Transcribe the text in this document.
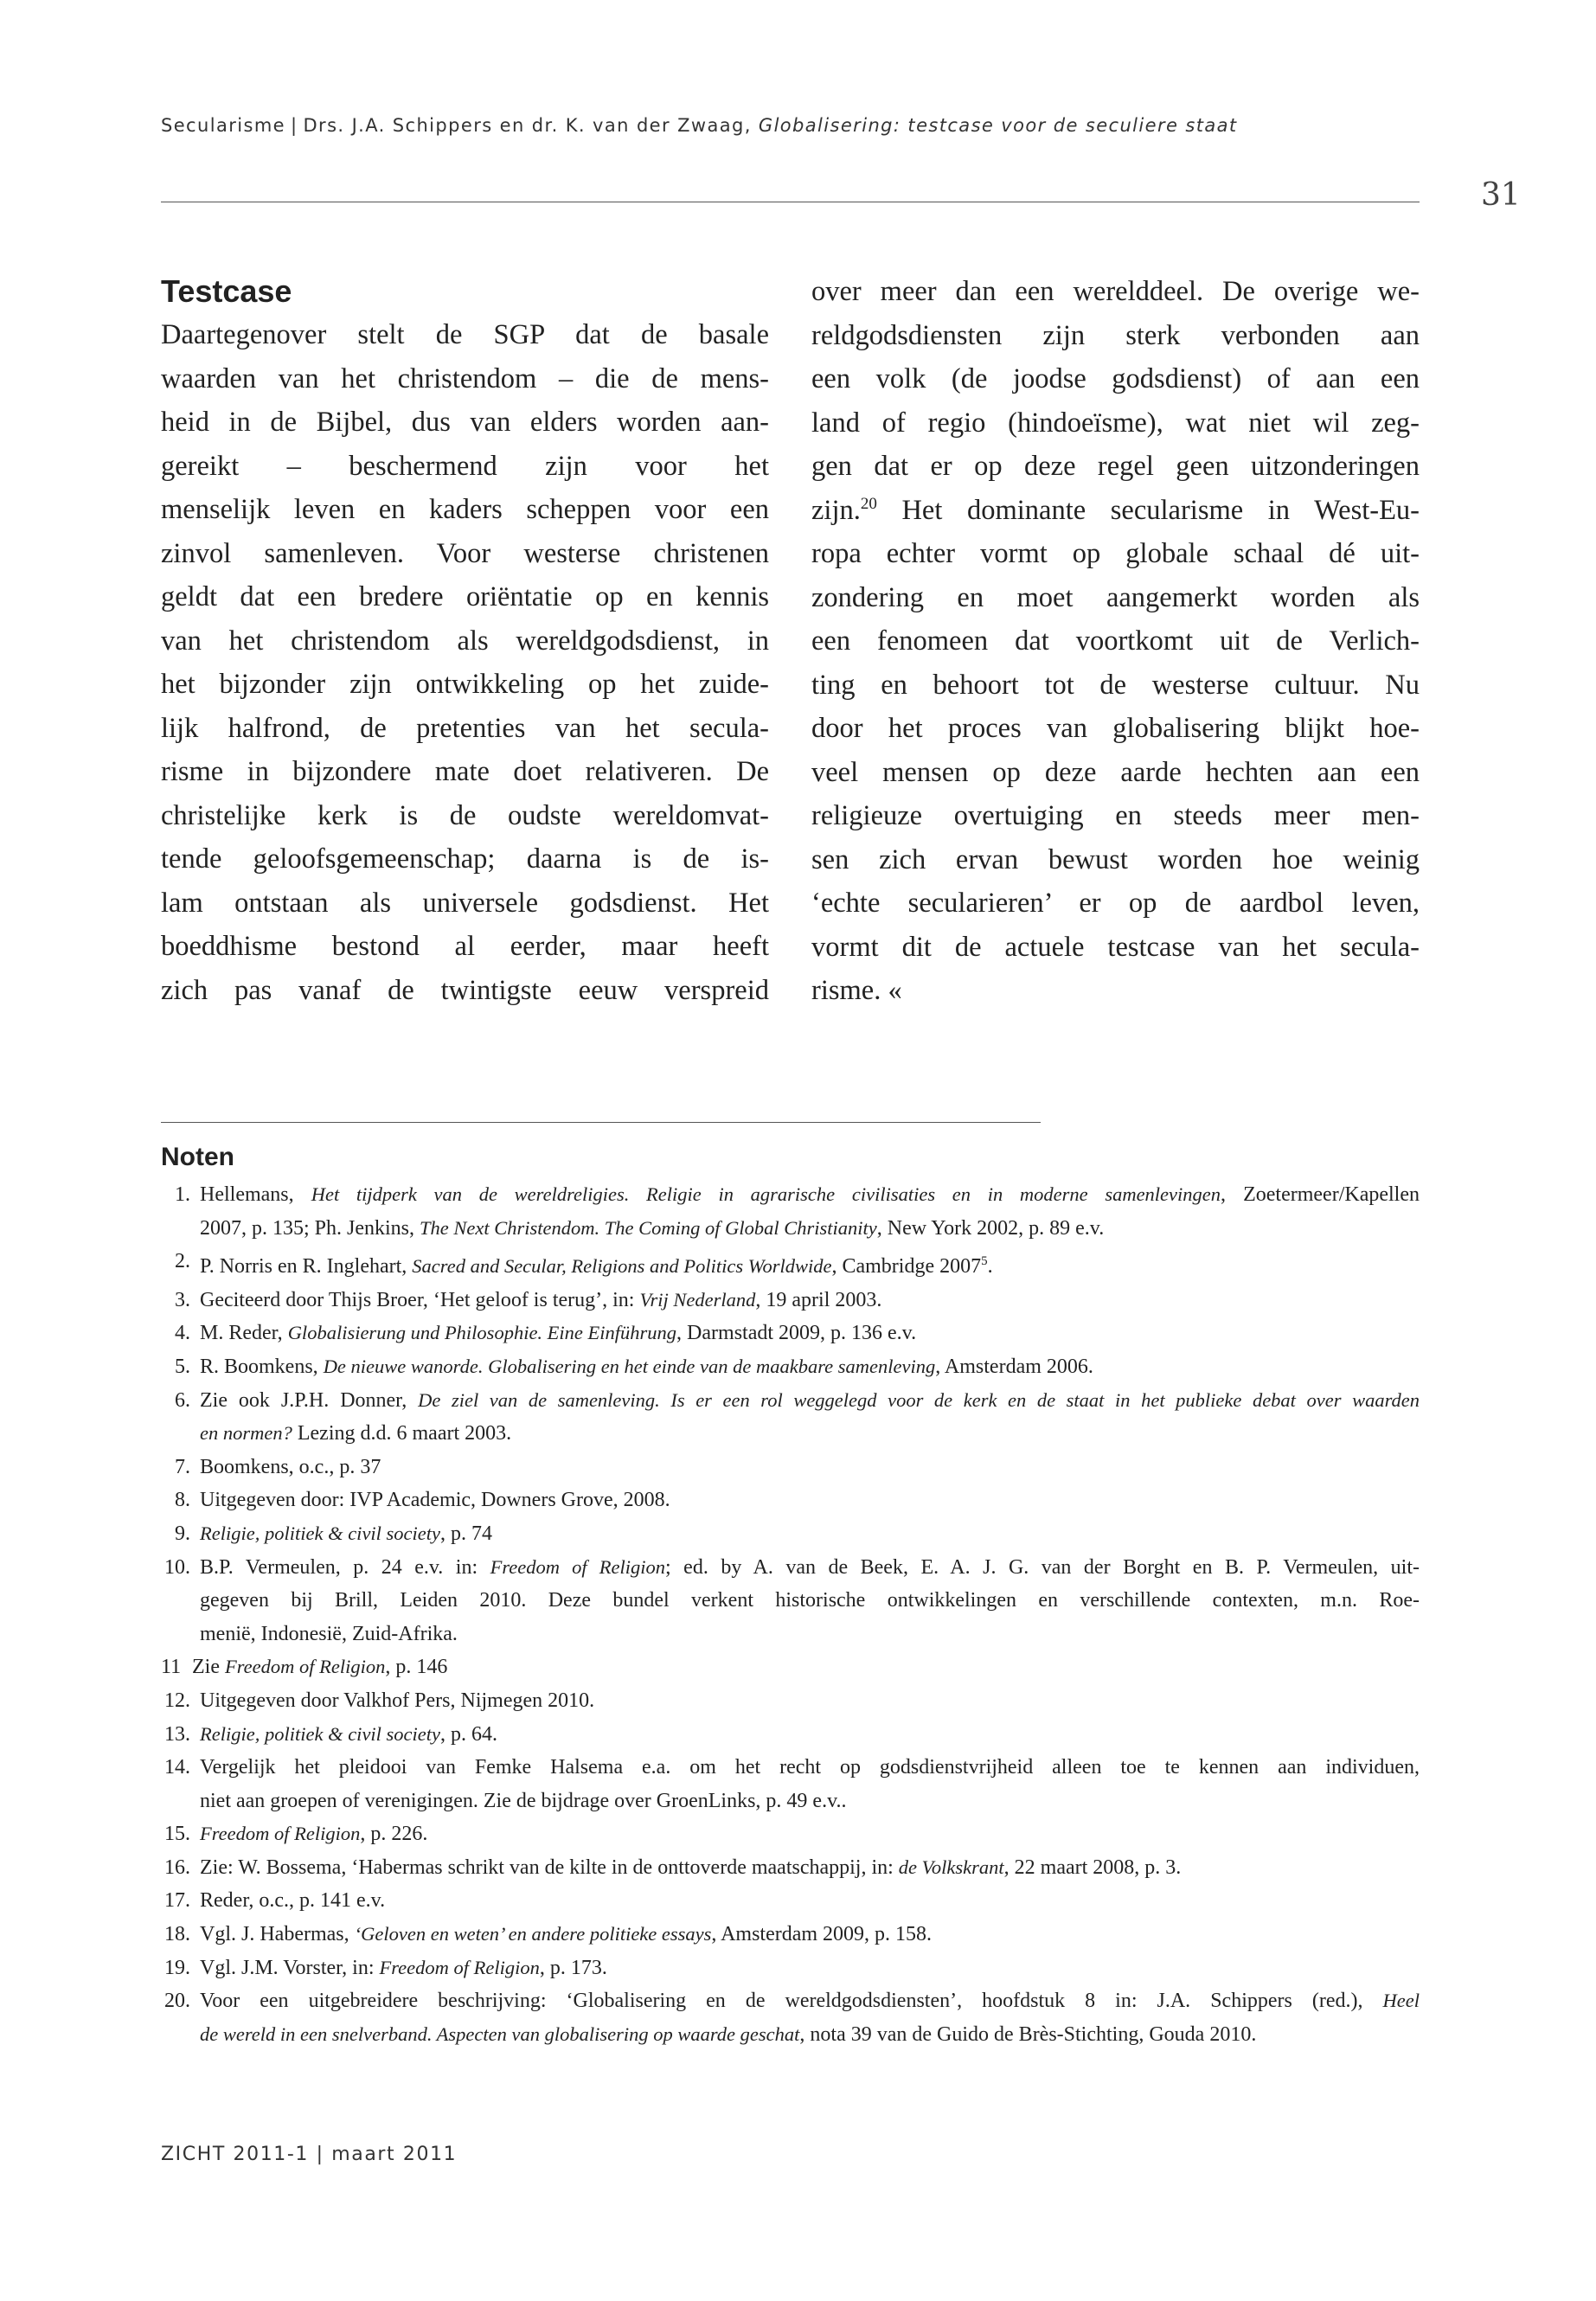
Secularisme | Drs. J.A. Schippers en dr. K. van der Zwaag, Globalisering: testcase voor de seculiere staat
31
Testcase
Daartegenover stelt de SGP dat de basale
waarden van het christendom – die de mens-
heid in de Bijbel, dus van elders worden aan-
gereikt – beschermend zijn voor het
menselijk leven en kaders scheppen voor een
zinvol samenleven. Voor westerse christenen
geldt dat een bredere oriëntatie op en kennis
van het christendom als wereldgodsdienst, in
het bijzonder zijn ontwikkeling op het zuide-
lijk halfrond, de pretenties van het secula-
risme in bijzondere mate doet relativeren. De
christelijke kerk is de oudste wereldomvat-
tende geloofsgemeenschap; daarna is de is-
lam ontstaan als universele godsdienst. Het
boeddhisme bestond al eerder, maar heeft
zich pas vanaf de twintigste eeuw verspreid
over meer dan een werelddeel. De overige we-
reldgodsdiensten zijn sterk verbonden aan
een volk (de joodse godsdienst) of aan een
land of regio (hindoeïsme), wat niet wil zeg-
gen dat er op deze regel geen uitzonderingen
zijn.$^{20}$ Het dominante secularisme in West-Eu-
ropa echter vormt op globale schaal dé uit-
zondering en moet aangemerkt worden als
een fenomeen dat voortkomt uit de Verlich-
ting en behoort tot de westerse cultuur. Nu
door het proces van globalisering blijkt hoe-
veel mensen op deze aarde hechten aan een
religieuze overtuiging en steeds meer men-
sen zich ervan bewust worden hoe weinig
‘echte secularieren’ er op de aardbol leven,
vormt dit de actuele testcase van het secula-
risme. «
Noten
1. Hellemans, Het tijdperk van de wereldreligies. Religie in agrarische civilisaties en in moderne samenlevingen, Zoetermeer/Kapellen
2007, p. 135; Ph. Jenkins, The Next Christendom. The Coming of Global Christianity, New York 2002, p. 89 e.v.
2. P. Norris en R. Inglehart, Sacred and Secular, Religions and Politics Worldwide, Cambridge 2007$^5$.
3. Geciteerd door Thijs Broer, ‘Het geloof is terug’, in: Vrij Nederland, 19 april 2003.
4. M. Reder, Globalisierung und Philosophie. Eine Einführung, Darmstadt 2009, p. 136 e.v.
5. R. Boomkens, De nieuwe wanorde. Globalisering en het einde van de maakbare samenleving, Amsterdam 2006.
6. Zie ook J.P.H. Donner, De ziel van de samenleving. Is er een rol weggelegd voor de kerk en de staat in het publieke debat over waarden
en normen? Lezing d.d. 6 maart 2003.
7. Boomkens, o.c., p. 37
8. Uitgegeven door: IVP Academic, Downers Grove, 2008.
9. Religie, politiek & civil society, p. 74
10. B.P. Vermeulen, p. 24 e.v. in: Freedom of Religion; ed. by A. van de Beek, E. A. J. G. van der Borght en B. P. Vermeulen, uit-
gegeven bij Brill, Leiden 2010. Deze bundel verkent historische ontwikkelingen en verschillende contexten, m.n. Roe-
menië, Indonesië, Zuid-Afrika.
11 Zie Freedom of Religion, p. 146
12. Uitgegeven door Valkhof Pers, Nijmegen 2010.
13. Religie, politiek & civil society, p. 64.
14. Vergelijk het pleidooi van Femke Halsema e.a. om het recht op godsdienstvrijheid alleen toe te kennen aan individuen,
niet aan groepen of verenigingen. Zie de bijdrage over GroenLinks, p. 49 e.v..
15. Freedom of Religion, p. 226.
16. Zie: W. Bossema, ‘Habermas schrikt van de kilte in de onttoverde maatschappij, in: de Volkskrant, 22 maart 2008, p. 3.
17. Reder, o.c., p. 141 e.v.
18. Vgl. J. Habermas, ‘Geloven en weten’ en andere politieke essays, Amsterdam 2009, p. 158.
19. Vgl. J.M. Vorster, in: Freedom of Religion, p. 173.
20. Voor een uitgebreidere beschrijving: ‘Globalisering en de wereldgodsdiensten’, hoofdstuk 8 in: J.A. Schippers (red.), Heel
de wereld in een snelverband. Aspecten van globalisering op waarde geschat, nota 39 van de Guido de Brès-Stichting, Gouda 2010.
ZICHT 2011-1 | maart 2011
